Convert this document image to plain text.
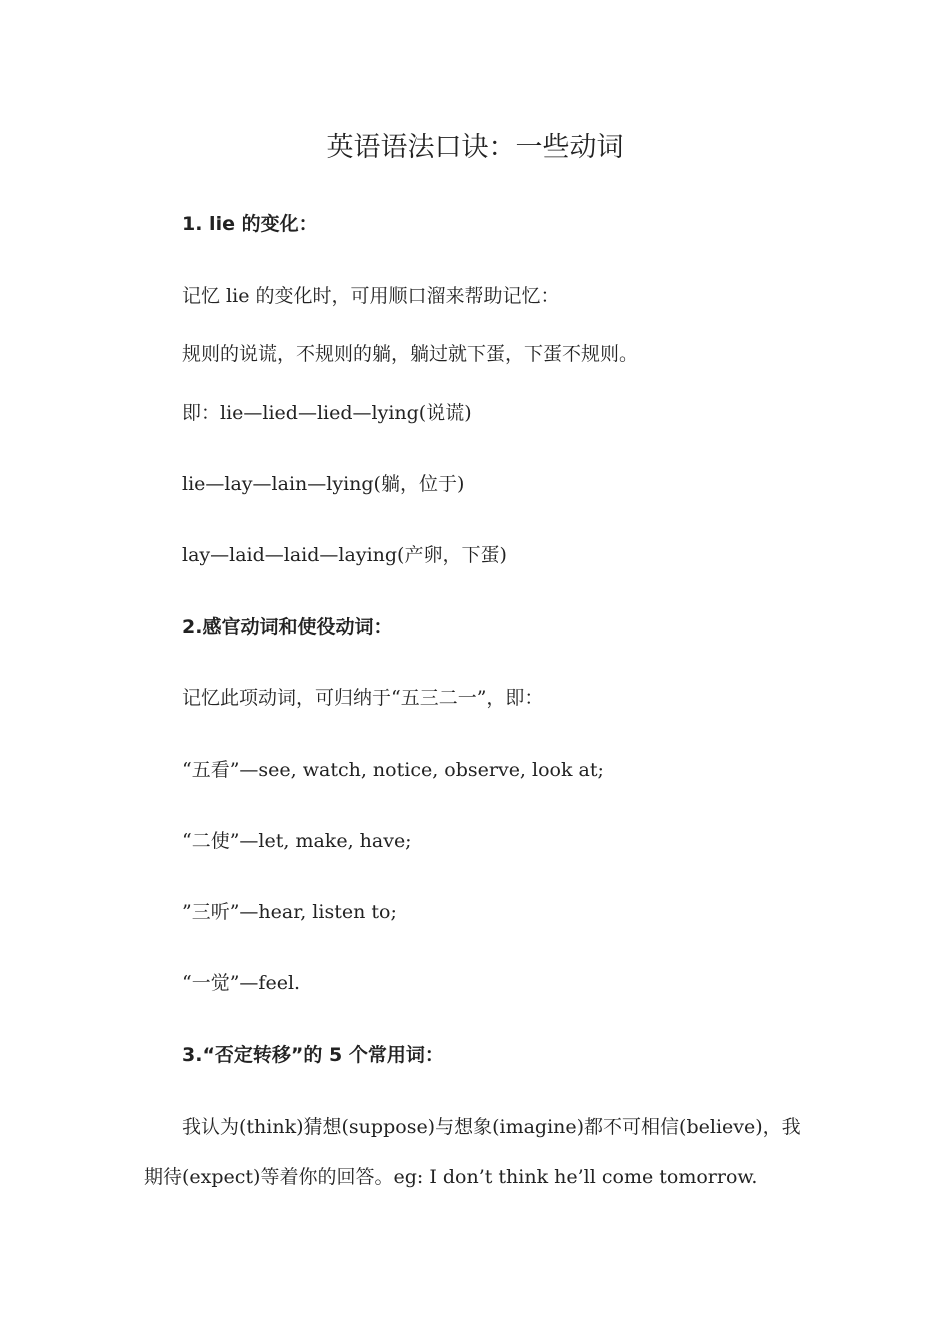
英语语法口诀：一些动词

1. lie 的变化：

记忆 lie 的变化时，可用顺口溜来帮助记忆：

规则的说谎，不规则的躺，躺过就下蛋，下蛋不规则。

即：lie—lied—lied—lying(说谎)

lie—lay—lain—lying(躺，位于)

lay—laid—laid—laying(产卵，下蛋)

2.感官动词和使役动词：

记忆此项动词，可归纳于“五三二一”，即：

“五看”—see, watch, notice, observe, look at;

“二使”—let, make, have;

”三听”—hear, listen to;

“一觉”—feel.

3.“否定转移”的 5 个常用词：

我认为(think)猜想(suppose)与想象(imagine)都不可相信(believe)，我期待(expect)等着你的回答。eg: I don’t think he’ll come tomorrow.
